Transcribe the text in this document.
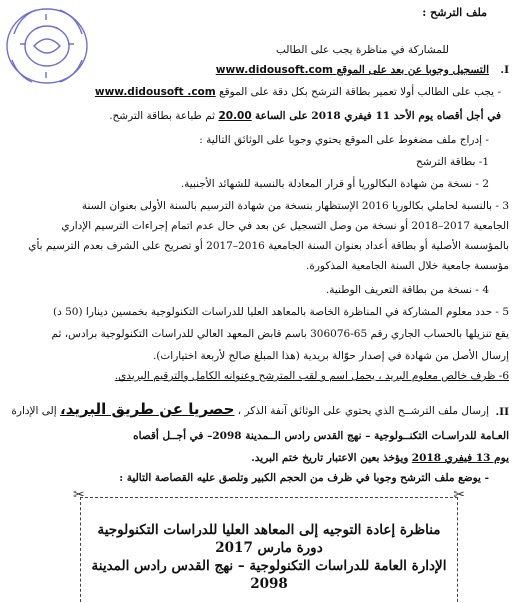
ملف الترشح :
للمشاركة في مناظرة يجب على الطالب
I.
التسجيل وجوبا عن بعد على الموقع www.didousoft.com
- يجب على الطالب أولا تعمير بطاقة الترشح بكل دقة على الموقع www.didousoft .com
في أجل أقصاه يوم الأحد 11 فيفري 2018 على الساعة 20.00 ثم طباعة بطاقة الترشح.
- إدراج ملف مضغوط على الموقع يحتوي وجوبا على الوثائق التالية :
1- بطاقة الترشح
2 - نسخة من شهادة البكالوريا أو قرار المعادلة بالنسبة للشهائد الأجنبية.
3 - بالنسبة لحاملي بكالوريا 2016 الإستظهار بنسخة من شهادة الترسيم بالسنة الأولى بعنوان السنة
الجامعية 2017–2018 أو نسخة من وصل التسجيل عن بعد في حال عدم اتمام إجراءات الترسيم الإداري
بالمؤسسة الأصلية أو بطاقة أعداد بعنوان السنة الجامعية 2016–2017 أو تصريح على الشرف بعدم الترسيم بأي
مؤسسة جامعية خلال السنة الجامعية المذكورة.
4 - نسخة من بطاقة التعريف الوطنية.
5 - حدد معلوم المشاركة في المناظرة الخاصة بالمعاهد العليا للدراسات التكنولوجية بخمسين دينارا (50 د)
يقع تنزيلها بالحساب الجاري رقم 65-306076 باسم قابض المعهد العالي للدراسات التكنولوجية برادس، ثم
إرسال الأصل من شهادة في إصدار حوّالة بريدية (هذا المبلغ صالح لأربعة اختيارات).
6- ظرف خالص معلوم البريد ، يحمل اسم و لقب المترشح وعنوانه الكامل والترقيم البريدي.
II.
إرسال ملف الترشــح الذي يحتوي على الوثائق آنفة الذكر ، حصريا عن طريق البريد، إلى الإدارة
العـامة للدراسـات التكنــولوجية – نهج القدس رادس الــمدينة 2098– في أجــل أقصاه
يوم 13 فيفري 2018 ويؤخذ بعين الاعتبار تاريخ ختم البريد.
- يوضع ملف الترشح وجوبا في ظرف من الحجم الكبير وتلصق عليه القصاصة التالية :
✂	✂
مناظرة إعادة التوجيه إلى المعاهد العليا للدراسات التكنولوجية
دورة مارس 2017
الإدارة العامة للدراسات التكنولوجية – نهج القدس رادس المدينة
2098
